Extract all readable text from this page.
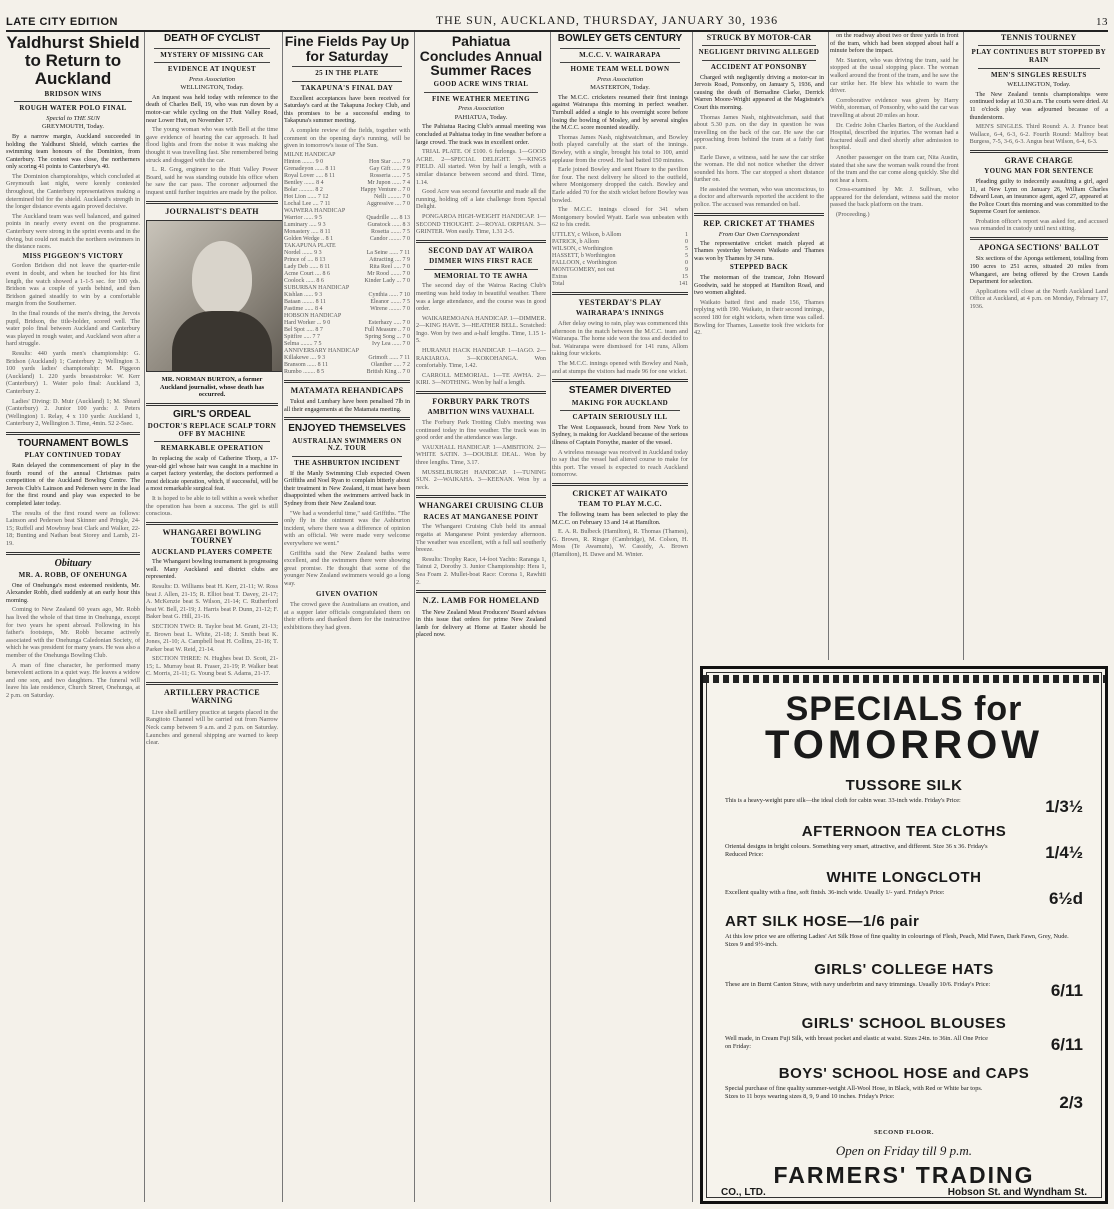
LATE CITY EDITION	THE SUN, AUCKLAND, THURSDAY, JANUARY 30, 1936	13
Yaldhurst Shield to Return to Auckland
BRIDSON WINS
ROUGH WATER POLO FINAL
Special to THE SUN
GREYMOUTH, Today.

By a narrow margin, Auckland succeeded in holding the Yaldhurst Shield, which carries the swimming team honours of the Dominion, from Canterbury. The contest was close, the northerners only scoring 41 points to Canterbury's 40.

The Dominion championships, which concluded at Greymouth last night, were keenly contested throughout, the Canterbury representatives making a determined bid for the shield. Auckland's strength in the longer distance events again proved decisive.

The Auckland team was well balanced, and gained points in nearly every event on the programme. Canterbury were strong in the sprint events and in the diving, but could not match the northern swimmers in the distance races.

MISS PIGGEON'S VICTORY

Gordon Bridson did not leave the quarter-mile event in doubt, and when he touched for his first length, the watch showed a 1-1-5 sec. for 100 yds. Bridson was a couple of yards behind, and then Bridson gained steadily to win by a comfortable margin from the Southerner.

In the final rounds of the men's diving, the Jervois pupil, Bridson, the title-holder, scored well. The water polo final between Auckland and Canterbury was played in rough water, and Auckland won after a hard struggle.

Results: 440 yards men's championship: G. Bridson (Auckland) 1; Canterbury 2; Wellington 3. 100 yards ladies' championship: M. Piggeon (Auckland) 1. 220 yards breaststroke: W. Kerr (Canterbury) 1. Water polo final: Auckland 3, Canterbury 2.

Ladies' Diving: D. Muir (Auckland) 1; M. Sheard (Canterbury) 2. Junior 100 yards: J. Peters (Wellington) 1. Relay, 4 x 110 yards: Auckland 1, Canterbury 2, Wellington 3. Time, 4min. 52 2-5sec.

TOURNAMENT BOWLS
PLAY CONTINUED TODAY

Rain delayed the commencement of play in the fourth round of the annual Christmas pairs competition of the Auckland Bowling Centre. The Jervois Club's Lainson and Pedersen were in the lead for the first round and play was expected to be completed later today.

The results of the first round were as follows: Lainson and Pedersen beat Skinner and Pringle, 24-15; Ruffell and Mowbray beat Clark and Walker, 22-18; Bunting and Nathan beat Storey and Lamb, 21-19.

Obituary
MR. A. ROBB, OF ONEHUNGA

One of Onehunga's most esteemed residents, Mr. Alexander Robb, died suddenly at an early hour this morning.

Coming to New Zealand 60 years ago, Mr. Robb has lived the whole of that time in Onehunga, except for two years he spent abroad. Following in his father's footsteps, Mr. Robb became actively associated with the Onehunga Caledonian Society, of which he was president for many years. He was also a member of the Onehunga Bowling Club.

A man of fine character, he performed many benevolent actions in a quiet way. He leaves a widow and one son, and two daughters. The funeral will leave his late residence, Church Street, Onehunga, at 2 p.m. on Saturday.

DEATH OF CYCLIST
MYSTERY OF MISSING CAR
EVIDENCE AT INQUEST
Press Association
WELLINGTON, Today.

An inquest was held today with reference to the death of Charles Bell, 19, who was run down by a motor-car while cycling on the Hutt Valley Road, near Lower Hutt, on November 17.

The young woman who was with Bell at the time gave evidence of hearing the car approach. It had flood lights and from the noise it was making she thought it was travelling fast. She remembered being struck and dragged with the car.

L. R. Greg, engineer to the Hutt Valley Power Board, said he was standing outside his office when he saw the car pass. The coroner adjourned the inquest until further inquiries are made by the police.

JOURNALIST'S DEATH
MR. NORMAN BURTON, a former Auckland journalist, whose death has occurred.
GIRL'S ORDEAL
DOCTOR'S REPLACE SCALP TORN OFF BY MACHINE
REMARKABLE OPERATION

In replacing the scalp of Catherine Thorp, a 17-year-old girl whose hair was caught in a machine in a carpet factory yesterday, the doctors performed a most delicate operation, which, if successful, will be a most remarkable surgical feat.

It is hoped to be able to tell within a week whether the operation has been a success. The girl is still conscious.

WHANGAREI BOWLING TOURNEY
AUCKLAND PLAYERS COMPETE

The Whangarei bowling tournament is progressing well. Many Auckland and district clubs are represented.

Results: D. Williams beat H. Kerr, 21-11; W. Ross beat J. Allen, 21-15; R. Elliot beat T. Davey, 21-17; A. McKenzie beat S. Wilson, 21-14; C. Rutherford beat W. Bell, 21-19; J. Harris beat P. Dunn, 21-12; F. Baker beat G. Hill, 21-16.

SECTION TWO: R. Taylor beat M. Grant, 21-13; E. Brown beat L. White, 21-18; J. Smith beat K. Jones, 21-10; A. Campbell beat H. Collins, 21-16; T. Parker beat W. Reid, 21-14.

SECTION THREE: N. Hughes beat D. Scott, 21-15; L. Murray beat R. Fraser, 21-19; P. Walker beat C. Morris, 21-11; G. Young beat S. Adams, 21-17.

ARTILLERY PRACTICE WARNING

Live shell artillery practice at targets placed in the Rangitoto Channel will be carried out from Narrow Neck camp between 9 a.m. and 2 p.m. on Saturday. Launches and general shipping are warned to keep clear.

Fine Fields Pay Up for Saturday
25 IN THE PLATE
TAKAPUNA'S FINAL DAY

Excellent acceptances have been received for Saturday's card at the Takapuna Jockey Club, and this promises to be a successful ending to Takapuna's summer meeting.

A complete review of the fields, together with comment on the opening day's running, will be given in tomorrow's issue of The Sun.

MILNE HANDICAP
Hinton ........ 9 0	Hon Star ...... 7 9
Grenadeyon ...... 8 11	Gay Gift ...... 7 9
Royal Lover ..... 8 11	Rosseria ...... 7 5
Bentley ....... 8 4	Mr Jupon ...... 7 4
Bolar .......... 8 2	Happy Venture .. 7 0
Hot Lion ...... 7 12	Nelli ......... 7 0
Lochal Lee .... 7 11	Aggressive .... 7 0
WAIWERA HANDICAP
Warrior ...... 9 5	Quadrille ..... 8 13
Luminary ..... 9 3	Gunstock ...... 8 3
Monastery ..... 8 11	Rosetta ....... 7 5
Golden Wedge .. 8 1	Candor ........ 7 0
TAKAPUNA PLATE
Nordel ....... 9 3	La Seine ...... 7 11
Prince of .... 8 13	Attracting .... 7 9
Lady Deb ...... 8 11	Rita Reel ..... 7 0
Acme Court .... 8 6	Mr Rood ....... 7 0
Coolock ...... 8 6	Kinder Lady ... 7 0
SUBURBAN HANDICAP
Kishlan ...... 9 3	Cynthia ...... 7 10
Bataan ........ 8 11	Eleanor ....... 7 5
Pastime ...... 8 4	Wirene ........ 7 0
HOBSON HANDICAP
Hard Worker ... 9 0	Esterhazy ..... 7 0
Bel Spot ..... 8 7	Full Measure .. 7 0
Spitfire ..... 7 7	Spring Song ... 7 0
Selma ........ 7 5	Ivy Lea ...... 7 0
ANNIVERSARY HANDICAP
Killakewe .... 9 3	Grimoft ...... 7 11
Bransom ...... 8 11	Olanther ..... 7 2
Rumbo ........ 8 5	British King .. 7 0
MATAMATA REHANDICAPS

Tukui and Lumbary have been penalised 7lb in all their engagements at the Matamata meeting.

ENJOYED THEMSELVES
AUSTRALIAN SWIMMERS ON N.Z. TOUR
THE ASHBURTON INCIDENT

If the Manly Swimming Club expected Owen Griffiths and Noel Ryan to complain bitterly about their treatment in New Zealand, it must have been disappointed when the swimmers arrived back in Sydney from their New Zealand tour.

"We had a wonderful time," said Griffiths. "The only fly in the ointment was the Ashburton incident, where there was a difference of opinion with an official. We were made very welcome everywhere we went."

Griffiths said the New Zealand baths were excellent, and the swimmers there were showing great promise. He thought that some of the younger New Zealand swimmers would go a long way.

GIVEN OVATION

The crowd gave the Australians an ovation, and at a supper later officials congratulated them on their efforts and thanked them for the instructive exhibitions they had given.

Pahiatua Concludes Annual Summer Races
GOOD ACRE WINS TRIAL
FINE WEATHER MEETING
Press Association
PAHIATUA, Today.

The Pahiatua Racing Club's annual meeting was concluded at Pahiatua today in fine weather before a large crowd. The track was in excellent order.

TRIAL PLATE. Of £100. 6 furlongs. 1—GOOD ACRE. 2—SPECIAL DELIGHT. 3—KINGS FIELD. All started. Won by half a length, with a similar distance between second and third. Time, 1.14.

Good Acre was second favourite and made all the running, holding off a late challenge from Special Delight.

PONGAROA HIGH-WEIGHT HANDICAP. 1—SECOND THOUGHT. 2—ROYAL ORPHAN. 3—GRINTER. Won easily. Time, 1.31 2-5.

SECOND DAY AT WAIROA
DIMMER WINS FIRST RACE
MEMORIAL TO TE AWHA

The second day of the Wairoa Racing Club's meeting was held today in beautiful weather. There was a large attendance, and the course was in good order.

WAIKAREMOANA HANDICAP. 1—DIMMER. 2—KING HAVE. 3—HEATHER BELL. Scratched: Ingo. Won by two and a-half lengths. Time, 1.15 1-5.

HURANUI HACK HANDICAP. 1—IAGO. 2—RAKIAROA. 3—KOKOHANGA. Won comfortably. Time, 1.42.

CARROLL MEMORIAL. 1—TE AWHA. 2—KIRI. 3—NOTHING. Won by half a length.

FORBURY PARK TROTS
AMBITION WINS VAUXHALL

The Forbury Park Trotting Club's meeting was continued today in fine weather. The track was in good order and the attendance was large.

VAUXHALL HANDICAP. 1—AMBITION. 2—WHITE SATIN. 3—DOUBLE DEAL. Won by three lengths. Time, 3.17.

MUSSELBURGH HANDICAP. 1—TUNING SUN. 2—WAIKAHA. 3—KEENAN. Won by a neck.

WHANGAREI CRUISING CLUB
RACES AT MANGANESE POINT

The Whangarei Cruising Club held its annual regatta at Manganese Point yesterday afternoon. The weather was excellent, with a full sail southerly breeze.

Results: Trophy Race, 14-foot Yachts: Raranga 1, Tainui 2, Dorothy 3. Junior Championship: Hera 1, Sea Foam 2. Mullet-boat Race: Corona 1, Rawhiti 2.

N.Z. LAMB FOR HOMELAND

The New Zealand Meat Producers' Board advises in this issue that orders for prime New Zealand lamb for delivery at Home at Easter should be placed now.

BOWLEY GETS CENTURY
M.C.C. V. WAIRARAPA
HOME TEAM WELL DOWN
Press Association
MASTERTON, Today.

The M.C.C. cricketers resumed their first innings against Wairarapa this morning in perfect weather. Turnbull added a single to his overnight score before losing the bowling of Mosley, and by several singles the M.C.C. score mounted steadily.

Thomas James Nash, nightwatchman, and Bowley both played carefully at the start of the innings. Bowley, with a single, brought his total to 100, amid applause from the crowd. He had batted 150 minutes.

Earle joined Bowley and sent Hoare to the pavilion for four. The next delivery he sliced to the outfield, where Montgomery dropped the catch. Bowley and Earle added 70 for the sixth wicket before Bowley was bowled.

The M.C.C. innings closed for 341 when Montgomery bowled Wyatt. Earle was unbeaten with 62 to his credit.

UTTLEY, c Wilson, b Allom	1
PATRICK, b Allom	0
WILSON, c Worthington	5
HASSETT, b Worthington	5
FALLOON, c Worthington	0
MONTGOMERY, not out	9
Extras	15
Total	141
YESTERDAY'S PLAY
WAIRARAPA'S INNINGS

After delay owing to rain, play was commenced this afternoon in the match between the M.C.C. team and Wairarapa. The home side won the toss and decided to bat. Wairarapa were dismissed for 141 runs, Allom taking four wickets.

The M.C.C. innings opened with Bowley and Nash, and at stumps the visitors had made 96 for one wicket.

STEAMER DIVERTED
MAKING FOR AUCKLAND
CAPTAIN SERIOUSLY ILL

The West Loquassuck, bound from New York to Sydney, is making for Auckland because of the serious illness of Captain Forsythe, master of the vessel.

A wireless message was received in Auckland today to say that the vessel had altered course to make for this port. The vessel is expected to reach Auckland tomorrow.

CRICKET AT WAIKATO
TEAM TO PLAY M.C.C.

The following team has been selected to play the M.C.C. on February 13 and 14 at Hamilton.

E. A. R. Bulbeck (Hamilton), R. Thomas (Thames), G. Brown, R. Ringer (Cambridge), M. Colson, H. Moss (Te Awamutu), W. Cassidy, A. Brown (Hamilton), H. Dawe and M. Winter.

STRUCK BY MOTOR-CAR
NEGLIGENT DRIVING ALLEGED
ACCIDENT AT PONSONBY

Charged with negligently driving a motor-car in Jervois Road, Ponsonby, on January 5, 1936, and causing the death of Bernadine Clarke, Derrick Warren Moore-Wright appeared at the Magistrate's Court this morning.

Thomas James Nash, nightwatchman, said that about 5.30 p.m. on the day in question he was travelling on the back of the car. He saw the car approaching from behind the tram at a fairly fast pace.

Earle Dawe, a witness, said he saw the car strike the woman. He did not notice whether the driver sounded his horn. The car stopped a short distance further on.

He assisted the woman, who was unconscious, to a doctor and afterwards reported the accident to the police. The accused was remanded on bail.

REP. CRICKET AT THAMES
From Our Own Correspondent

The representative cricket match played at Thames yesterday between Waikato and Thames was won by Thames by 34 runs.

STEPPED BACK

The motorman of the tramcar, John Howard Goodwin, said he stopped at Hamilton Road, and two women alighted.

Waikato batted first and made 156, Thames replying with 190. Waikato, in their second innings, scored 180 for eight wickets, when time was called. Bowling for Thames, Lassette took five wickets for 42.

on the roadway about two or three yards in front of the tram, which had been stopped about half a minute before the impact.

Mr. Stanton, who was driving the tram, said he stopped at the usual stopping place. The woman walked around the front of the tram, and he saw the car strike her. He blew his whistle to warn the driver.

Corroborative evidence was given by Harry Webb, storeman, of Ponsonby, who said the car was travelling at about 20 miles an hour.

Dr. Cedric John Charles Barton, of the Auckland Hospital, described the injuries. The woman had a fractured skull and died shortly after admission to hospital.

Another passenger on the tram car, Nita Austin, stated that she saw the woman walk round the front of the tram and the car come along quickly. She did not hear a horn.

Cross-examined by Mr. J. Sullivan, who appeared for the defendant, witness said the motor passed the back platform on the tram.

(Proceeding.)

TENNIS TOURNEY
PLAY CONTINUES BUT STOPPED BY RAIN
MEN'S SINGLES RESULTS
WELLINGTON, Today.

The New Zealand tennis championships were continued today at 10.30 a.m. The courts were dried. At 11 o'clock play was adjourned because of a thunderstorm.

MEN'S SINGLES. Third Round: A. J. France beat Wallace, 6-4, 6-3, 6-2. Fourth Round: Malfroy beat Burgess, 7-5, 3-6, 6-3. Angus beat Wilson, 6-4, 6-3.

GRAVE CHARGE
YOUNG MAN FOR SENTENCE

Pleading guilty to indecently assaulting a girl, aged 11, at New Lynn on January 26, William Charles Edward Lean, an insurance agent, aged 27, appeared at the Police Court this morning and was committed to the Supreme Court for sentence.

Probation officer's report was asked for, and accused was remanded in custody until next sitting.

APONGA SECTIONS' BALLOT

Six sections of the Aponga settlement, totalling from 190 acres to 251 acres, situated 20 miles from Whangarei, are being offered by the Crown Lands Department for selection.

Applications will close at the North Auckland Land Office at Auckland, at 4 p.m. on Monday, February 17, 1936.

SPECIALS for
TOMORROW
TUSSORE SILK
1/3½
This is a heavy-weight pure silk—the ideal cloth for cabin wear. 33-inch wide. Friday's Price:
AFTERNOON TEA CLOTHS
1/4½
Oriental designs in bright colours. Something very smart, attractive, and different. Size 36 x 36. Friday's Reduced Price:
WHITE LONGCLOTH
6½d
Excellent quality with a fine, soft finish. 36-inch wide. Usually 1/- yard. Friday's Price:
ART SILK HOSE—1/6 pair
At this low price we are offering Ladies' Art Silk Hose of fine quality in colourings of Flesh, Peach, Mid Fawn, Dark Fawn, Grey, Nude. Sizes 9 and 9½-inch.
GIRLS' COLLEGE HATS
6/11
These are in Burnt Canton Straw, with navy underbrim and navy trimmings. Usually 10/6. Friday's Price:
GIRLS' SCHOOL BLOUSES
6/11
Well made, in Cream Fuji Silk, with breast pocket and elastic at waist. Sizes 24in. to 36in. All One Price on Friday:
BOYS' SCHOOL HOSE and CAPS
2/3
Special purchase of fine quality summer-weight All-Wool Hose, in Black, with Red or White bar tops. Sizes to 11 boys wearing sizes 8, 9, 9 and 10 inches. Friday's Price:
SECOND FLOOR.
Open on Friday till 9 p.m.
FARMERS' TRADING
CO., LTD.	Hobson St. and Wyndham St.
